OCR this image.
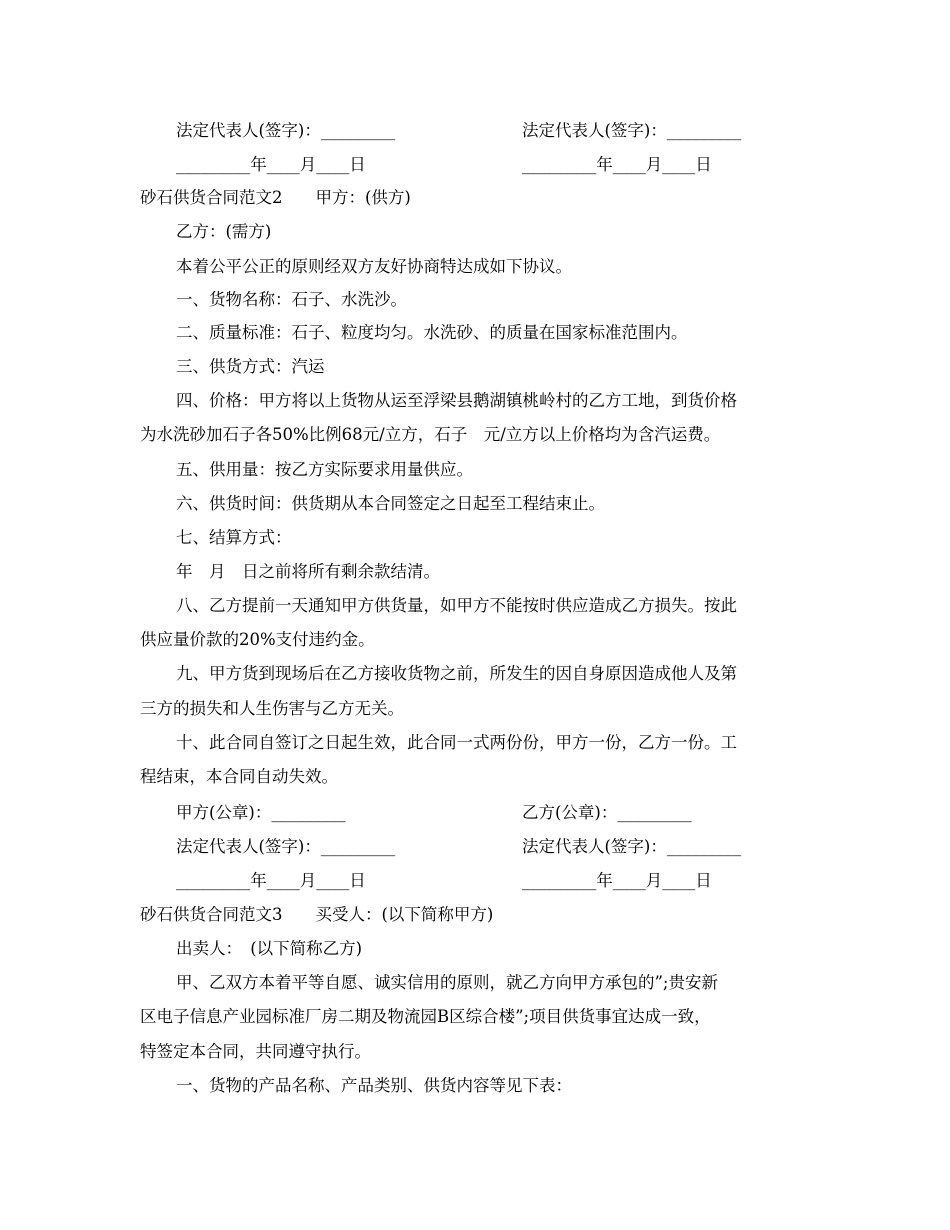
法定代表人(签字)：_________	法定代表人(签字)：_________
_________年____月____日	_________年____月____日
砂石供货合同范文2　　甲方：(供方)
乙方：(需方)
本着公平公正的原则经双方友好协商特达成如下协议。
一、货物名称：石子、水洗沙。
二、质量标准：石子、粒度均匀。水洗砂、的质量在国家标准范围内。
三、供货方式：汽运
四、价格：甲方将以上货物从运至浮梁县鹅湖镇桃岭村的乙方工地，到货价格
为水洗砂加石子各50%比例68元/立方，石子　元/立方以上价格均为含汽运费。
五、供用量：按乙方实际要求用量供应。
六、供货时间：供货期从本合同签定之日起至工程结束止。
七、结算方式：
年　月　日之前将所有剩余款结清。
八、乙方提前一天通知甲方供货量，如甲方不能按时供应造成乙方损失。按此
供应量价款的20%支付违约金。
九、甲方货到现场后在乙方接收货物之前，所发生的因自身原因造成他人及第
三方的损失和人生伤害与乙方无关。
十、此合同自签订之日起生效，此合同一式两份份，甲方一份，乙方一份。工
程结束，本合同自动失效。
甲方(公章)：_________	乙方(公章)：_________
法定代表人(签字)：_________	法定代表人(签字)：_________
_________年____月____日	_________年____月____日
砂石供货合同范文3　　买受人：(以下简称甲方)
出卖人：　(以下简称乙方)
甲、乙双方本着平等自愿、诚实信用的原则，就乙方向甲方承包的”;贵安新
区电子信息产业园标准厂房二期及物流园B区综合楼”;项目供货事宜达成一致，
特签定本合同，共同遵守执行。
一、货物的产品名称、产品类别、供货内容等见下表：
